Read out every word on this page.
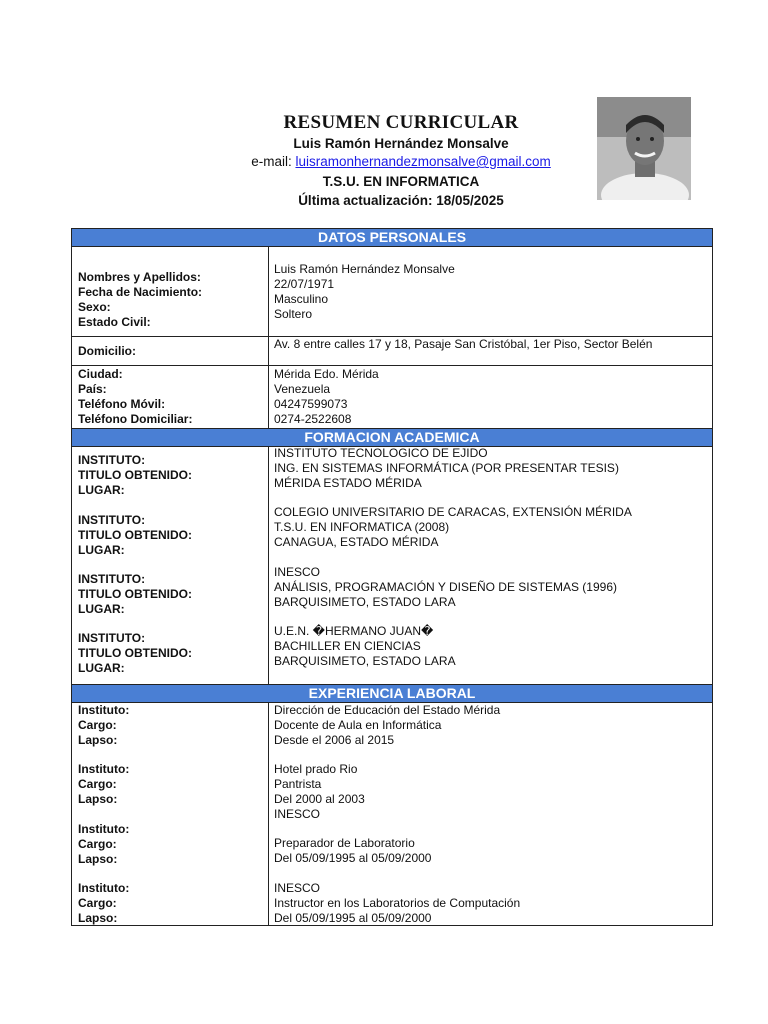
RESUMEN CURRICULAR
Luis Ramón Hernández Monsalve
e-mail: luisramonhernandezmonsalve@gmail.com
T.S.U. EN INFORMATICA
Última actualización: 18/05/2025
DATOS PERSONALES
Nombres y Apellidos:
Fecha de Nacimiento:
Sexo:
Estado Civil:
Luis Ramón Hernández Monsalve
22/07/1971
Masculino
Soltero
Domicilio:	Av. 8 entre calles 17 y 18, Pasaje San Cristóbal, 1er Piso, Sector Belén
Ciudad:
País:
Teléfono Móvil:
Teléfono Domiciliar:
Mérida Edo. Mérida
Venezuela
04247599073
0274-2522608
FORMACION ACADEMICA
INSTITUTO:
TITULO OBTENIDO:
LUGAR:
INSTITUTO TECNOLOGICO DE EJIDO
ING. EN SISTEMAS INFORMÁTICA (POR PRESENTAR TESIS)
MÉRIDA ESTADO MÉRIDA
INSTITUTO:
TITULO OBTENIDO:
LUGAR:
COLEGIO UNIVERSITARIO DE CARACAS, EXTENSIÓN MÉRIDA
T.S.U. EN INFORMATICA (2008)
CANAGUA, ESTADO MÉRIDA
INSTITUTO:
TITULO OBTENIDO:
LUGAR:
INESCO
ANÁLISIS, PROGRAMACIÓN Y DISEÑO DE SISTEMAS (1996)
BARQUISIMETO, ESTADO LARA
INSTITUTO:
TITULO OBTENIDO:
LUGAR:
U.E.N. �HERMANO JUAN�
BACHILLER EN CIENCIAS
BARQUISIMETO, ESTADO LARA
EXPERIENCIA LABORAL
Instituto:
Cargo:
Lapso:
Dirección de Educación del Estado Mérida
Docente de Aula en Informática
Desde el 2006 al 2015
Instituto:
Cargo:
Lapso:
Hotel prado Rio
Pantrista
Del 2000 al 2003
INESCO
Instituto:
Cargo:
Lapso:
Preparador de Laboratorio
Del 05/09/1995 al 05/09/2000
Instituto:
Cargo:
Lapso:
INESCO
Instructor en los Laboratorios de Computación
Del 05/09/1995 al 05/09/2000
